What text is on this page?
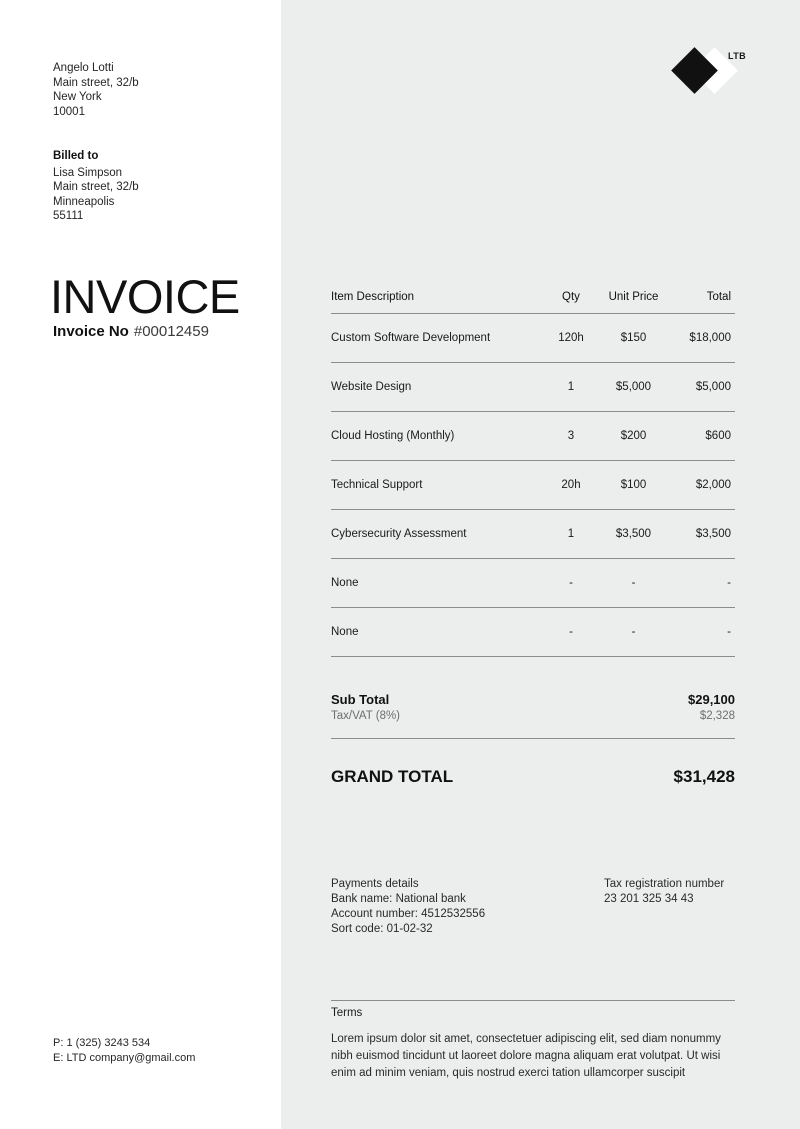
LTB
Angelo Lotti
Main street, 32/b
New York
10001
Billed to
Lisa Simpson
Main street, 32/b
Minneapolis
55111
INVOICE
Invoice No #00012459
P: 1 (325) 3243 534
E: LTD company@gmail.com
Item Description	Qty	Unit Price	Total
Custom Software Development	120h	$150	$18,000
Website Design	1	$5,000	$5,000
Cloud Hosting (Monthly)	3	$200	$600
Technical Support	20h	$100	$2,000
Cybersecurity Assessment	1	$3,500	$3,500
None	-	-	-
None	-	-	-
Sub Total	$29,100
Tax/VAT (8%)	$2,328
GRAND TOTAL	$31,428
Payments details
Bank name: National bank
Account number: 4512532556
Sort code: 01-02-32
Tax registration number
23 201 325 34 43
Terms
Lorem ipsum dolor sit amet, consectetuer adipiscing elit, sed diam nonummy nibh euismod tincidunt ut laoreet dolore magna aliquam erat volutpat. Ut wisi enim ad minim veniam, quis nostrud exerci tation ullamcorper suscipit
